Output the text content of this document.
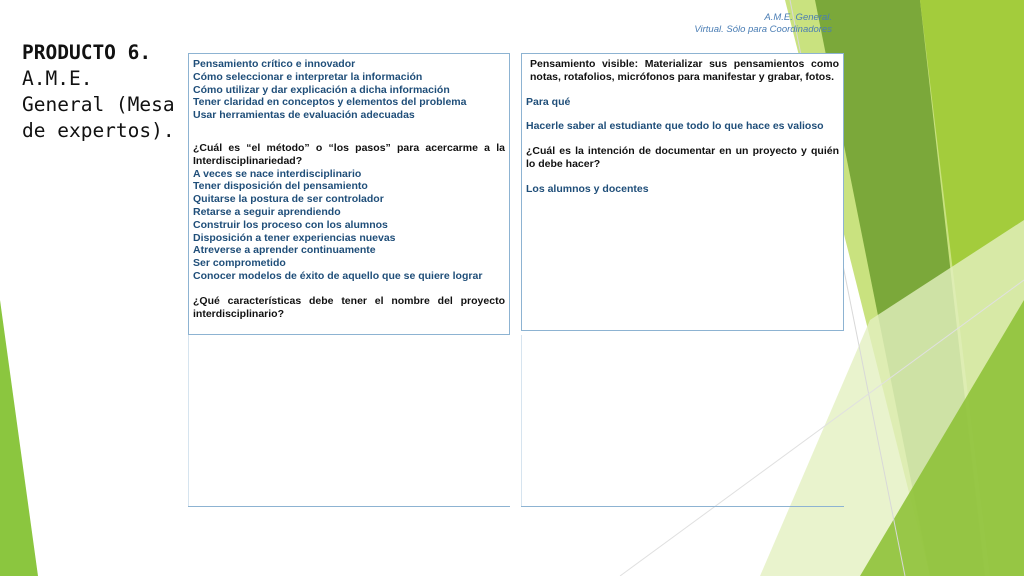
A.M.E. General.
Virtual. Sólo para Coordinadores
PRODUCTO 6.
A.M.E.
General (Mesa
de expertos).

Pensamiento crítico e innovador

Cómo seleccionar e interpretar la información

Cómo utilizar y dar explicación a dicha información

Tener claridad en conceptos y elementos del problema

Usar herramientas de evaluación adecuadas

¿Cuál es “el método” o “los pasos” para acercarme a la Interdisciplinariedad?

A veces se nace interdisciplinario

Tener disposición del pensamiento

Quitarse la postura de ser controlador

Retarse a seguir aprendiendo

Construir los proceso con los alumnos

Disposición a tener experiencias nuevas

Atreverse a aprender continuamente

Ser comprometido

Conocer modelos de éxito de aquello que se quiere lograr

¿Qué características debe tener el nombre del proyecto interdisciplinario?

Pensamiento visible: Materializar sus pensamientos como notas, rotafolios, micrófonos para manifestar y grabar, fotos.

Para qué

Hacerle saber al estudiante que todo lo que hace es valioso

¿Cuál es la intención de documentar en un proyecto y quién lo debe hacer?

Los alumnos y docentes
